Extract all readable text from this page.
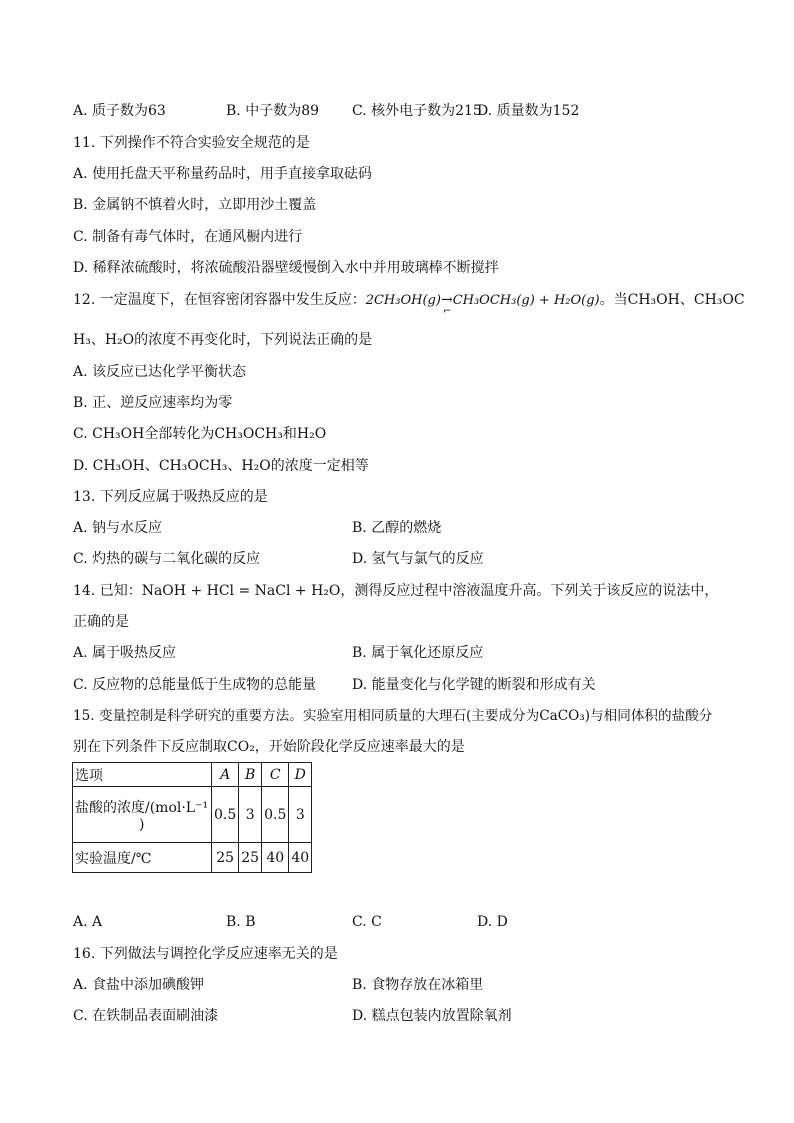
A. 质子数为63	B. 中子数为89 C. 核外电子数为215
D. 质量数为152
11. 下列操作不符合实验安全规范的是
A. 使用托盘天平称量药品时，用手直接拿取砝码
B. 金属钠不慎着火时，立即用沙土覆盖
C. 制备有毒气体时，在通风橱内进行
D. 稀释浓硫酸时，将浓硫酸沿器壁缓慢倒入水中并用玻璃棒不断搅拌
12. 一定温度下，在恒容密闭容器中发生反应：2CH₃OH(g)→
⌐
CH₃OCH₃(g) + H₂O(g)。当CH₃OH、CH₃OC
H₃、H₂O的浓度不再变化时，下列说法正确的是
A. 该反应已达化学平衡状态
B. 正、逆反应速率均为零
C. CH₃OH全部转化为CH₃OCH₃和H₂O
D. CH₃OH、CH₃OCH₃、H₂O的浓度一定相等
13. 下列反应属于吸热反应的是
A. 钠与水反应	B. 乙醇的燃烧
C. 灼热的碳与二氧化碳的反应	D. 氢气与氯气的反应
14. 已知：NaOH + HCl = NaCl + H₂O，测得反应过程中溶液温度升高。下列关于该反应的说法中，
正确的是
A. 属于吸热反应	B. 属于氧化还原反应
C. 反应物的总能量低于生成物的总能量	D. 能量变化与化学键的断裂和形成有关
15. 变量控制是科学研究的重要方法。实验室用相同质量的大理石(主要成分为CaCO₃)与相同体积的盐酸分
别在下列条件下反应制取CO₂，开始阶段化学反应速率最大的是
选项	A	B	C	D

盐酸的浓度/(mol·L⁻¹
)	0.5	3	0.5	3
实验温度/℃	25	25	40	40
A. A	B. B	C. C	D. D
16. 下列做法与调控化学反应速率无关的是
A. 食盐中添加碘酸钾	B. 食物存放在冰箱里
C. 在铁制品表面刷油漆	D. 糕点包装内放置除氧剂
